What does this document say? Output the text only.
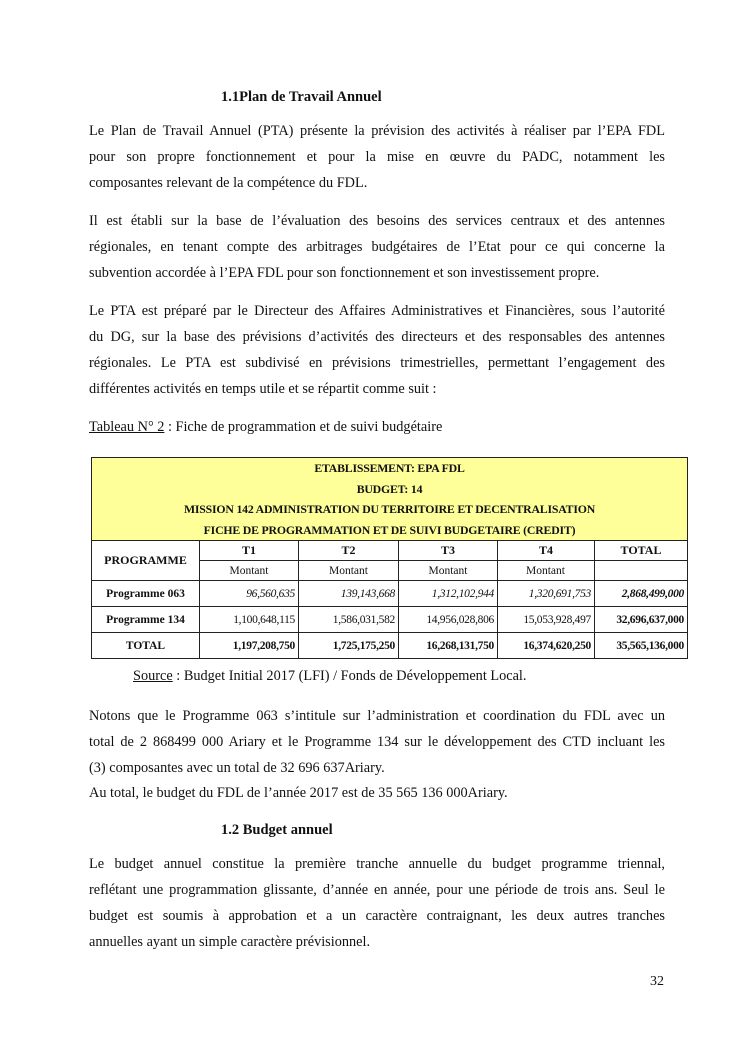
1.1Plan de Travail Annuel
Le Plan de Travail Annuel (PTA) présente la prévision des activités à réaliser par l’EPA FDL
pour son propre fonctionnement et pour la mise en œuvre du PADC, notamment les
composantes relevant de la compétence du FDL.
Il est établi sur la base de l’évaluation des besoins des services centraux et des antennes
régionales, en tenant compte des arbitrages budgétaires de l’Etat pour ce qui concerne la
subvention accordée à l’EPA FDL pour son fonctionnement et son investissement propre.
Le PTA est préparé par le Directeur des Affaires Administratives et Financières, sous l’autorité
du DG, sur la base des prévisions d’activités des directeurs et des responsables des antennes
régionales. Le PTA est subdivisé en prévisions trimestrielles, permettant l’engagement des
différentes activités en temps utile et se répartit comme suit :
Tableau N° 2 : Fiche de programmation et de suivi budgétaire
ETABLISSEMENT: EPA FDL
BUDGET: 14
MISSION 142 ADMINISTRATION DU TERRITOIRE ET DECENTRALISATION
FICHE DE PROGRAMMATION ET DE SUIVI BUDGETAIRE (CREDIT)					

PROGRAMME	T1	T2	T3	T4	TOTAL
	Montant	Montant	Montant	Montant	
Programme 063	96,560,635	139,143,668	1,312,102,944	1,320,691,753	2,868,499,000
Programme 134	1,100,648,115	1,586,031,582	14,956,028,806	15,053,928,497	32,696,637,000
TOTAL	1,197,208,750	1,725,175,250	16,268,131,750	16,374,620,250	35,565,136,000
Source : Budget Initial 2017 (LFI) / Fonds de Développement Local.
Notons que le Programme 063 s’intitule sur l’administration et coordination du FDL avec un
total de 2 868499 000 Ariary et le Programme 134 sur le développement des CTD incluant les
(3) composantes avec un total de 32 696 637Ariary.
Au total, le budget du FDL de l’année 2017 est de 35 565 136 000Ariary.
1.2 Budget annuel
Le budget annuel constitue la première tranche annuelle du budget programme triennal,
reflétant une programmation glissante, d’année en année, pour une période de trois ans. Seul le
budget est soumis à approbation et a un caractère contraignant, les deux autres tranches
annuelles ayant un simple caractère prévisionnel.
32
